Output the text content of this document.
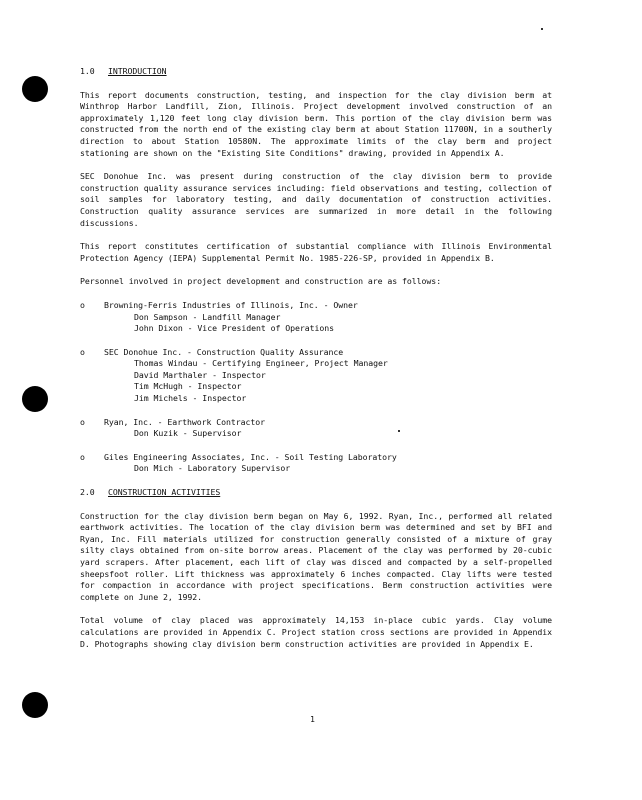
1.0 INTRODUCTION

This report documents construction, testing, and inspection for the clay division berm at Winthrop Harbor Landfill, Zion, Illinois. Project development involved construction of an approximately 1,120 feet long clay division berm. This portion of the clay division berm was constructed from the north end of the existing clay berm at about Station 11700N, in a southerly direction to about Station 10580N. The approximate limits of the clay berm and project stationing are shown on the "Existing Site Conditions" drawing, provided in Appendix A.

SEC Donohue Inc. was present during construction of the clay division berm to provide construction quality assurance services including: field observations and testing, collection of soil samples for laboratory testing, and daily documentation of construction activities. Construction quality assurance services are summarized in more detail in the following discussions.

This report constitutes certification of substantial compliance with Illinois Environmental Protection Agency (IEPA) Supplemental Permit No. 1985-226-SP, provided in Appendix B.

Personnel involved in project development and construction are as follows:

o Browning-Ferris Industries of Illinois, Inc. - Owner
Don Sampson - Landfill Manager
John Dixon - Vice President of Operations
o SEC Donohue Inc. - Construction Quality Assurance
Thomas Windau - Certifying Engineer, Project Manager
David Marthaler - Inspector
Tim McHugh - Inspector
Jim Michels - Inspector
o Ryan, Inc. - Earthwork Contractor
Don Kuzik - Supervisor
o Giles Engineering Associates, Inc. - Soil Testing Laboratory
Don Mich - Laboratory Supervisor
2.0 CONSTRUCTION ACTIVITIES

Construction for the clay division berm began on May 6, 1992. Ryan, Inc., performed all related earthwork activities. The location of the clay division berm was determined and set by BFI and Ryan, Inc. Fill materials utilized for construction generally consisted of a mixture of gray silty clays obtained from on-site borrow areas. Placement of the clay was performed by 20-cubic yard scrapers. After placement, each lift of clay was disced and compacted by a self-propelled sheepsfoot roller. Lift thickness was approximately 6 inches compacted. Clay lifts were tested for compaction in accordance with project specifications. Berm construction activities were complete on June 2, 1992.

Total volume of clay placed was approximately 14,153 in-place cubic yards. Clay volume calculations are provided in Appendix C. Project station cross sections are provided in Appendix D. Photographs showing clay division berm construction activities are provided in Appendix E.

1
